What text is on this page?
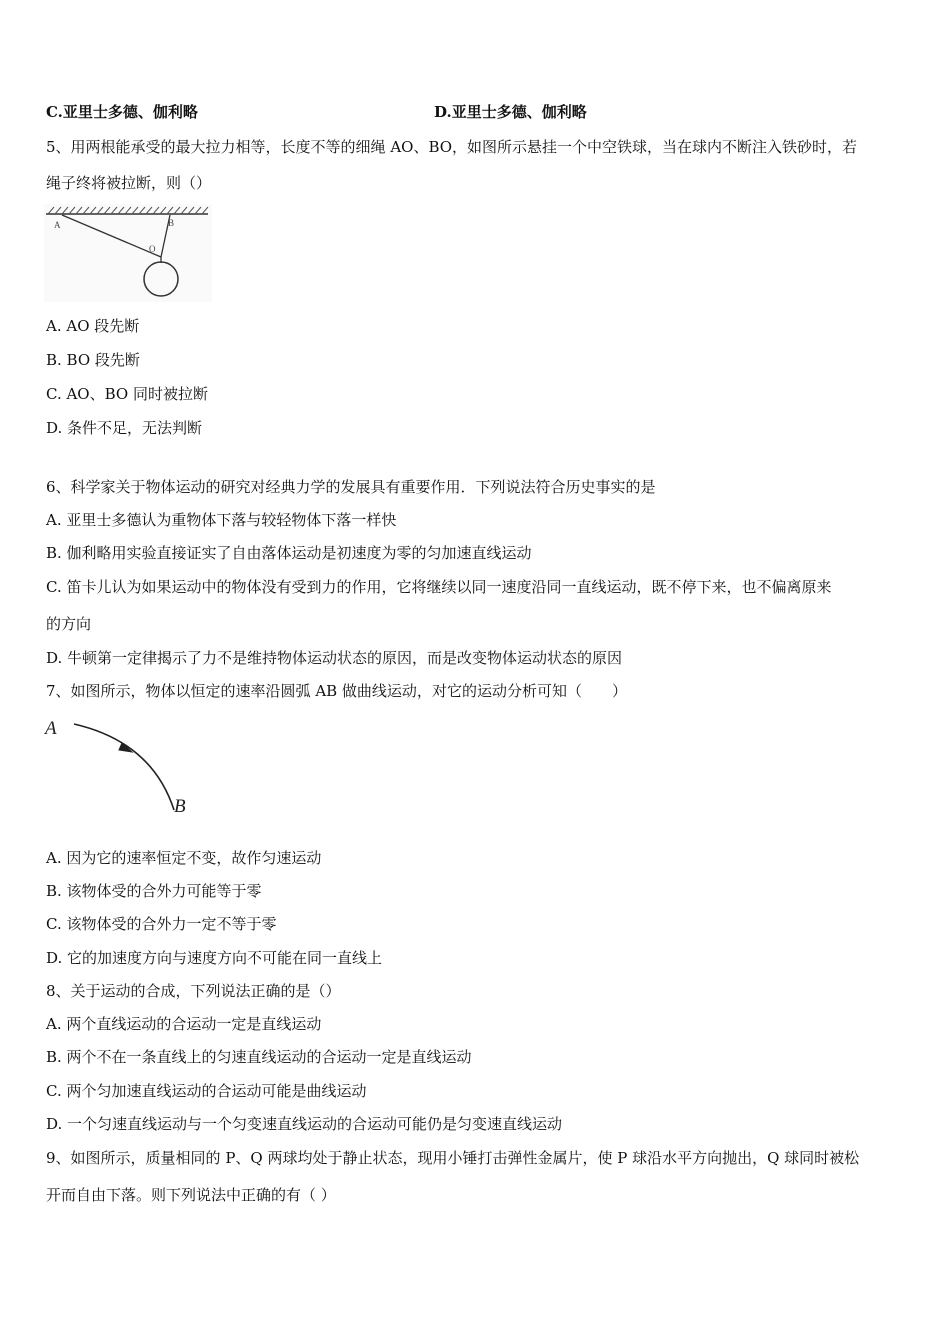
C.亚里士多德、伽利略	D.亚里士多德、伽利略
5、用两根能承受的最大拉力相等，长度不等的细绳 AO、BO，如图所示悬挂一个中空铁球，当在球内不断注入铁砂时，若
绳子终将被拉断，则（）
A	B
O
A. AO 段先断
B. BO 段先断
C. AO、BO 同时被拉断
D. 条件不足，无法判断
6、科学家关于物体运动的研究对经典力学的发展具有重要作用．下列说法符合历史事实的是
A. 亚里士多德认为重物体下落与较轻物体下落一样快
B. 伽利略用实验直接证实了自由落体运动是初速度为零的匀加速直线运动
C. 笛卡儿认为如果运动中的物体没有受到力的作用，它将继续以同一速度沿同一直线运动，既不停下来，也不偏离原来
的方向
D. 牛顿第一定律揭示了力不是维持物体运动状态的原因，而是改变物体运动状态的原因
7、如图所示，物体以恒定的速率沿圆弧 AB 做曲线运动，对它的运动分析可知（　　）
A
B
A. 因为它的速率恒定不变，故作匀速运动
B. 该物体受的合外力可能等于零
C. 该物体受的合外力一定不等于零
D. 它的加速度方向与速度方向不可能在同一直线上
8、关于运动的合成，下列说法正确的是（）
A. 两个直线运动的合运动一定是直线运动
B. 两个不在一条直线上的匀速直线运动的合运动一定是直线运动
C. 两个匀加速直线运动的合运动可能是曲线运动
D. 一个匀速直线运动与一个匀变速直线运动的合运动可能仍是匀变速直线运动
9、如图所示，质量相同的 P、Q 两球均处于静止状态，现用小锤打击弹性金属片，使 P 球沿水平方向抛出，Q 球同时被松
开而自由下落。则下列说法中正确的有（ ）
